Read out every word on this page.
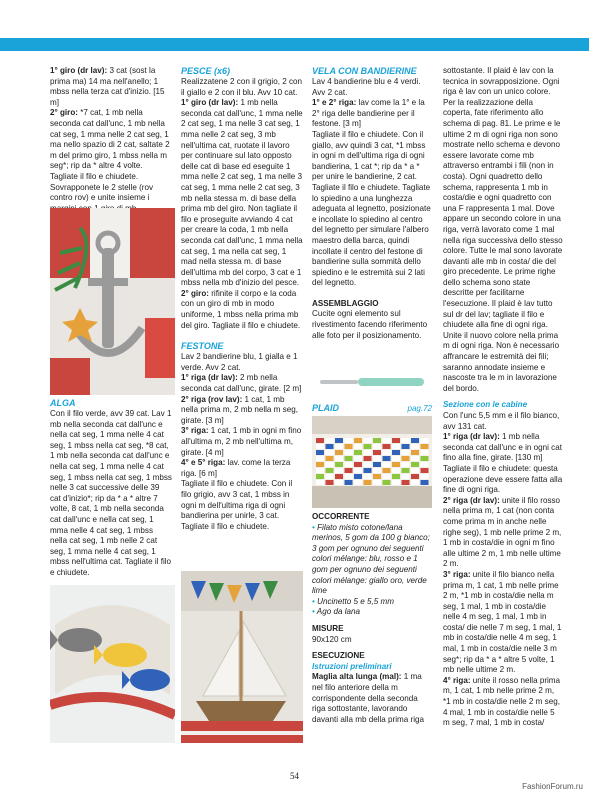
1° giro (dr lav): 3 cat (sost la prima ma) 14 ma nell'anello; 1 mbss nella terza cat d'inizio. [15 m]

2° giro: *7 cat, 1 mb nella seconda cat dall'unc, 1 mb nella cat seg, 1 mma nelle 2 cat seg, 1 ma nello spazio di 2 cat, saltate 2 m del primo giro, 1 mbss nella m seg*; rip da * altre 4 volte. Tagliate il filo e chiudete.

Sovrapponete le 2 stelle (rov contro rov) e unite insieme i

ALGA

Con il filo verde, avv 39 cat. Lav 1 mb nella seconda cat dall'unc e nella cat seg, 1 mma nelle 4 cat seg, 1 mbss nella cat seg, *8 cat, 1 mb nella seconda cat dall'unc e nella cat seg, 1 mma nelle 4 cat seg, 1 mbss nella cat seg, 1 mbss nelle 3 cat successive delle 39 cat d'inizio*; rip da * a * altre 7 volte, 8 cat, 1 mb nella seconda cat dall'unc e nella cat seg, 1 mma nelle 4 cat seg, 1 mbss nella cat seg, 1 mb nelle 2 cat seg, 1 mma nelle 4 cat seg, 1 mbss nell'ultima cat. Tagliate il filo e chiudete.

PESCE (x6)

Realizzatene 2 con il grigio, 2 con il giallo e 2 con il blu. Avv 10 cat.

1° giro (dr lav): 1 mb nella seconda cat dall'unc, 1 mma nelle 2 cat seg, 1 ma nelle 3 cat seg, 1 mma nelle 2 cat seg, 3 mb nell'ultima cat, ruotate il lavoro per continuare sul lato opposto delle cat di base ed eseguite 1 mma nelle 2 cat seg, 1 ma nelle 3 cat seg, 1 mma nelle 2 cat seg, 3 mb nella stessa m. di base della prima mb del giro. Non tagliate il filo e proseguite avviando 4 cat per creare la coda, 1 mb nella seconda cat dall'unc, 1 mma nella cat seg, 1 ma nella cat seg, 1 mad nella stessa m. di base dell'ultima mb del corpo, 3 cat e 1 mbss nella mb d'inizio del pesce.

2° giro: rifinite il corpo e la coda con un giro di mb in modo uniforme, 1 mbss nella prima mb del giro. Tagliate il filo e chiudete.

FESTONE

Lav 2 bandierine blu, 1 gialla e 1 verde. Avv 2 cat.

1° riga (dr lav): 2 mb nella seconda cat dall'unc, girate. [2 m]

2° riga (rov lav): 1 cat, 1 mb nella prima m, 2 mb nella m seg, girate. [3 m]

3° riga: 1 cat, 1 mb in ogni m fino all'ultima m, 2 mb nell'ultima m, girate. [4 m]

4° e 5° riga: lav. come la terza riga. [6 m]

Tagliate il filo e chiudete. Con il filo grigio, avv 3 cat, 1 mbss in ogni m dell'ultima riga di ogni bandierina per unirle, 3 cat. Tagliate il filo e chiudete.

VELA CON BANDIERINE

Lav 4 bandierine blu e 4 verdi. Avv 2 cat.

1° e 2° riga: lav come la 1° e la 2° riga delle bandierine per il festone. [3 m]

Tagliate il filo e chiudete. Con il giallo, avv quindi 3 cat, *1 mbss in ogni m dell'ultima riga di ogni bandierina, 1 cat *; rip da * a * per unire le bandierine, 2 cat. Tagliate il filo e chiudete. Tagliate lo spiedino a una lunghezza adeguata al legnetto, posizionate e incollate lo spiedino al centro del legnetto per simulare l'albero maestro della barca, quindi incollate il centro del festone di bandierine sulla sommità dello spiedino e le estremità sui 2 lati del legnetto.

ASSEMBLAGGIO

Cucite ogni elemento sul rivestimento facendo riferimento alle foto per il posizionamento.

PLAID	pag.72

OCCORRENTE

• Filato misto cotone/lana merinos, 5 gom da 100 g bianco; 3 gom per ognuno dei seguenti colori mélange: blu, rosso e 1 gom per ognuno dei seguenti colori mélange: giallo oro, verde lime

• Uncinetto 5 e 5,5 mm

• Ago da lana

MISURE

90x120 cm

ESECUZIONE

Istruzioni preliminari

Maglia alta lunga (mal): 1 ma nel filo anteriore della m corrispondente della seconda riga sottostante, lavorando davanti alla mb della prima riga

sottostante. Il plaid è lav con la tecnica in sovrapposizione. Ogni riga è lav con un unico colore. Per la realizzazione della coperta, fate riferimento allo schema di pag. 81. Le prime e le ultime 2 m di ogni riga non sono mostrate nello schema e devono essere lavorate come mb attraverso entrambi i fili (non in costa). Ogni quadretto dello schema, rappresenta 1 mb in costa/die e ogni quadretto con una F rappresenta 1 mal. Dove appare un secondo colore in una riga, verrà lavorato come 1 mal nella riga successiva dello stesso colore. Tutte le mal sono lavorate davanti alle mb in costa/ die del giro precedente. Le prime righe dello schema sono state descritte per facilitarne l'esecuzione. Il plaid è lav tutto sul dr del lav; tagliate il filo e chiudete alla fine di ogni riga. Unite il nuovo colore nella prima m di ogni riga. Non è necessario affrancare le estremità dei fili; saranno annodate insieme e nascoste tra le m in lavorazione del bordo.

Sezione con le cabine

Con l'unc 5,5 mm e il filo bianco, avv 131 cat.

1° riga (dr lav): 1 mb nella seconda cat dall'unc e in ogni cat fino alla fine, girate. [130 m] Tagliate il filo e chiudete: questa operazione deve essere fatta alla fine di ogni riga.

2° riga (dr lav): unite il filo rosso nella prima m, 1 cat (non conta come prima m in anche nelle righe seg), 1 mb nelle prime 2 m, 1 mb in costa/die in ogni m fino alle ultime 2 m, 1 mb nelle ultime 2 m.

3° riga: unite il filo bianco nella prima m, 1 cat, 1 mb nelle prime 2 m, *1 mb in costa/die nella m seg, 1 mal, 1 mb in costa/die nelle 4 m seg, 1 mal, 1 mb in costa/ die nelle 7 m seg, 1 mal, 1 mb in costa/die nelle 4 m seg, 1 mal, 1 mb in costa/die nelle 3 m seg*; rip da * a * altre 5 volte, 1 mb nelle ultime 2 m.

4° riga: unite il rosso nella prima m, 1 cat, 1 mb nelle prime 2 m, *1 mb in costa/die nelle 2 m seg, 4 mal, 1 mb in costa/die nelle 5 m seg, 7 mal, 1 mb in costa/

54
FashionForum.ru
